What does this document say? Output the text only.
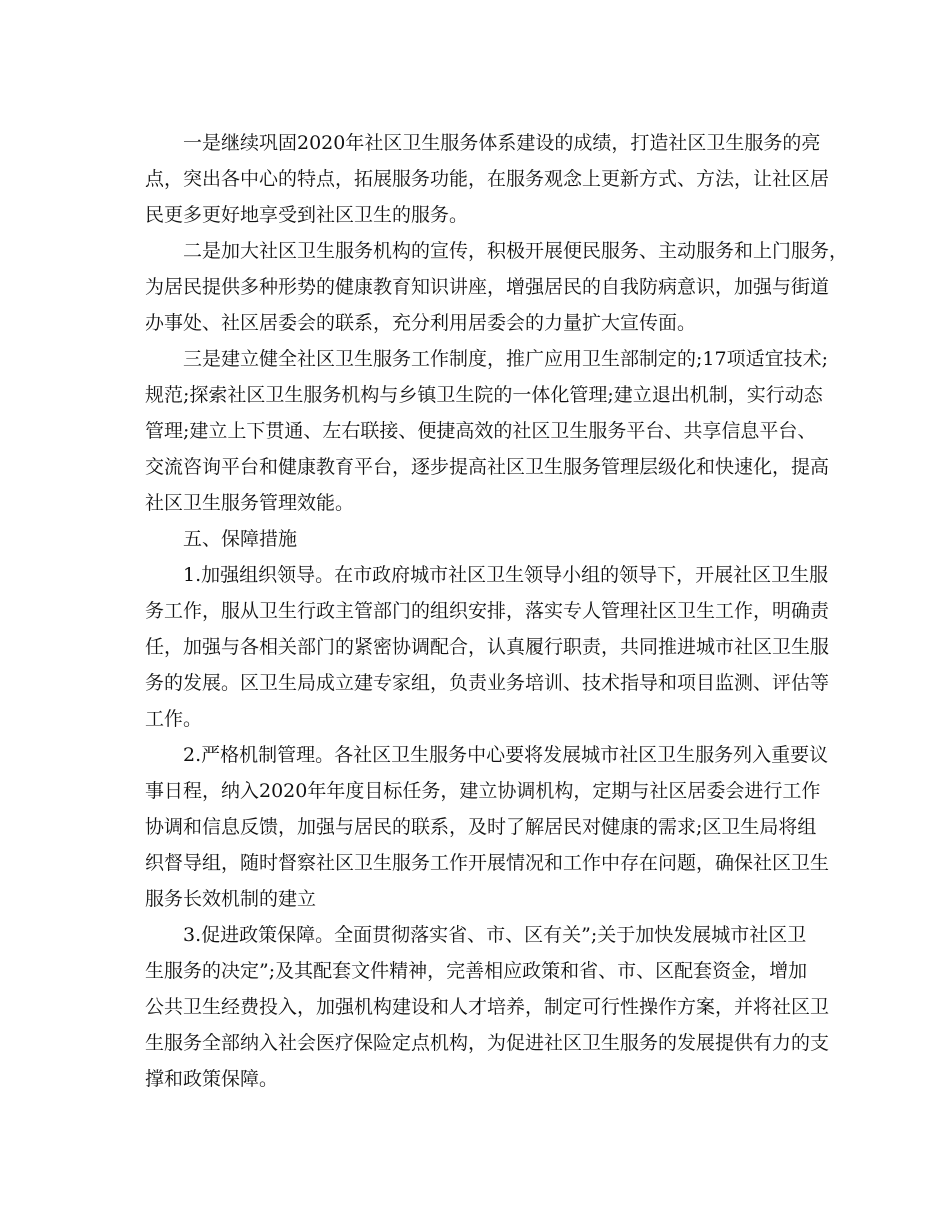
一是继续巩固2020年社区卫生服务体系建设的成绩，打造社区卫生服务的亮
点，突出各中心的特点，拓展服务功能，在服务观念上更新方式、方法，让社区居
民更多更好地享受到社区卫生的服务。
二是加大社区卫生服务机构的宣传，积极开展便民服务、主动服务和上门服务，
为居民提供多种形势的健康教育知识讲座，增强居民的自我防病意识，加强与街道
办事处、社区居委会的联系，充分利用居委会的力量扩大宣传面。
三是建立健全社区卫生服务工作制度，推广应用卫生部制定的;17项适宜技术;
规范;探索社区卫生服务机构与乡镇卫生院的一体化管理;建立退出机制，实行动态
管理;建立上下贯通、左右联接、便捷高效的社区卫生服务平台、共享信息平台、
交流咨询平台和健康教育平台，逐步提高社区卫生服务管理层级化和快速化，提高
社区卫生服务管理效能。
五、保障措施
1.加强组织领导。在市政府城市社区卫生领导小组的领导下，开展社区卫生服
务工作，服从卫生行政主管部门的组织安排，落实专人管理社区卫生工作，明确责
任，加强与各相关部门的紧密协调配合，认真履行职责，共同推进城市社区卫生服
务的发展。区卫生局成立建专家组，负责业务培训、技术指导和项目监测、评估等
工作。
2.严格机制管理。各社区卫生服务中心要将发展城市社区卫生服务列入重要议
事日程，纳入2020年年度目标任务，建立协调机构，定期与社区居委会进行工作
协调和信息反馈，加强与居民的联系，及时了解居民对健康的需求;区卫生局将组
织督导组，随时督察社区卫生服务工作开展情况和工作中存在问题，确保社区卫生
服务长效机制的建立
3.促进政策保障。全面贯彻落实省、市、区有关”;关于加快发展城市社区卫
生服务的决定”;及其配套文件精神，完善相应政策和省、市、区配套资金，增加
公共卫生经费投入，加强机构建设和人才培养，制定可行性操作方案，并将社区卫
生服务全部纳入社会医疗保险定点机构，为促进社区卫生服务的发展提供有力的支
撑和政策保障。
